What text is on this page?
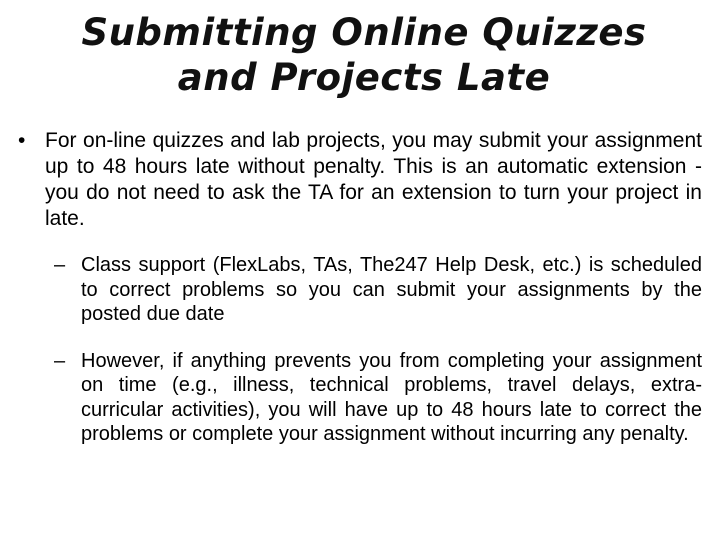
Submitting Online Quizzes
and Projects Late
• For on-line quizzes and lab projects, you may submit your assignment up to 48 hours late without penalty. This is an automatic extension - you do not need to ask the TA for an extension to turn your project in late.
– Class support (FlexLabs, TAs, The247 Help Desk, etc.) is scheduled to correct problems so you can submit your assignments by the posted due date
– However, if anything prevents you from completing your assignment on time (e.g., illness, technical problems, travel delays, extra-curricular activities), you will have up to 48 hours late to correct the problems or complete your assignment without incurring any penalty.
